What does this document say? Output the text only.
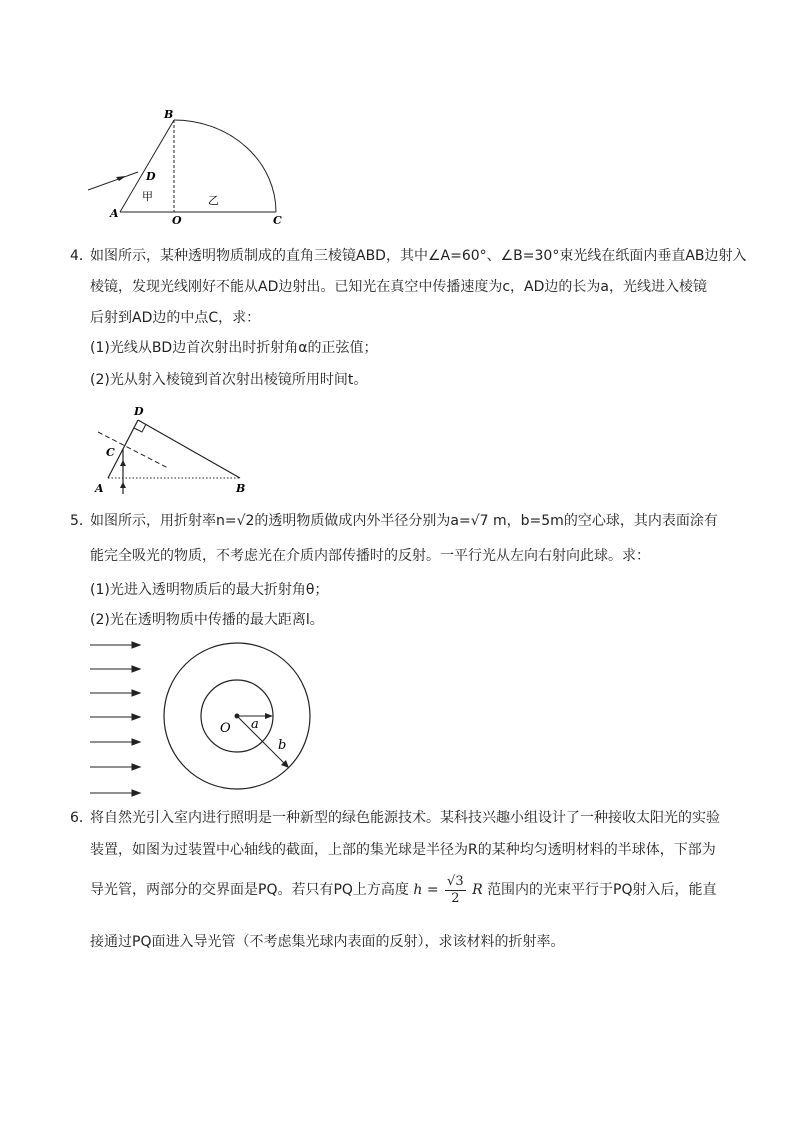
B
D
甲	乙
A
O	C
4．
如图所示，某种透明物质制成的直角三棱镜ABD，其中∠A=60°、∠B=30°束光线在纸面内垂直AB边射入
棱镜，发现光线刚好不能从AD边射出。已知光在真空中传播速度为c，AD边的长为a，光线进入棱镜
后射到AD边的中点C，求：
(1)光线从BD边首次射出时折射角α的正弦值；
(2)光从射入棱镜到首次射出棱镜所用时间t。
D
C
A	B
5．
如图所示，用折射率n=√2的透明物质做成内外半径分别为a=√7 m，b=5m的空心球，其内表面涂有
能完全吸光的物质，不考虑光在介质内部传播时的反射。一平行光从左向右射向此球。求：
(1)光进入透明物质后的最大折射角θ；
(2)光在透明物质中传播的最大距离l。
O a
b
6．
将自然光引入室内进行照明是一种新型的绿色能源技术。某科技兴趣小组设计了一种接收太阳光的实验
装置，如图为过装置中心轴线的截面，上部的集光球是半径为R的某种均匀透明材料的半球体，下部为
导光管，两部分的交界面是PQ。若只有PQ上方高度 $h = \frac{√3}{2}$ R 范围内的光束平行于PQ射入后，能直
接通过PQ面进入导光管（不考虑集光球内表面的反射），求该材料的折射率。
